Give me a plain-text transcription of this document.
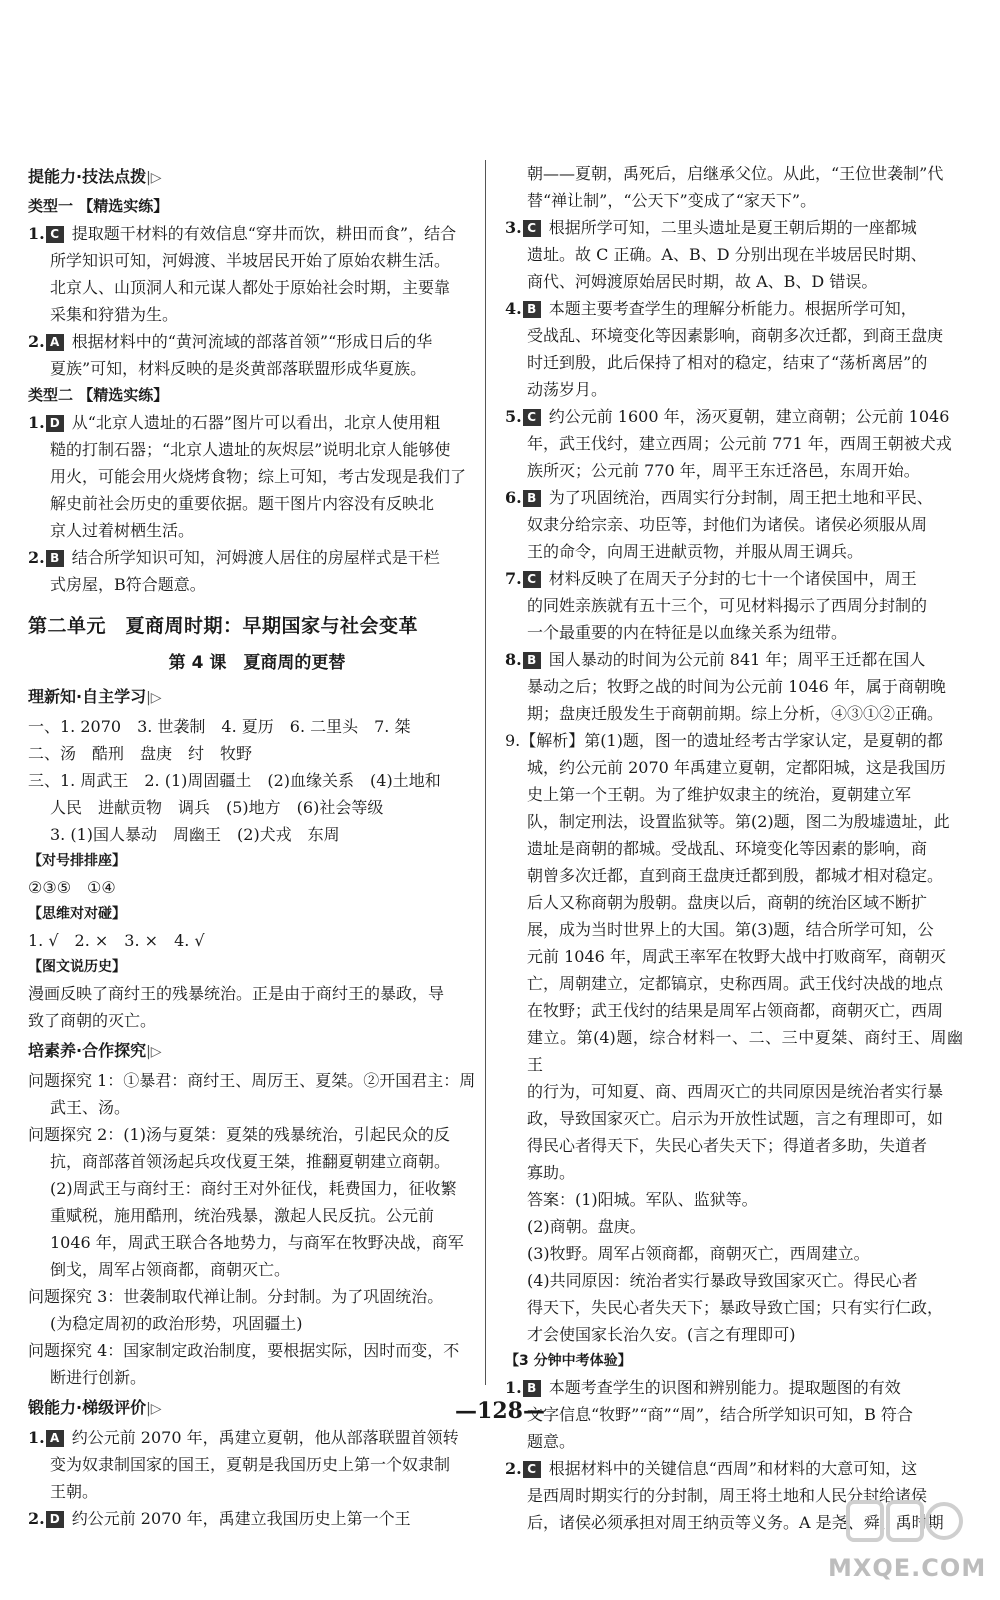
提能力·技法点拨|▷

类型一 【精选实练】

1. C 提取题干材料的有效信息“穿井而饮，耕田而食”，结合

所学知识可知，河姆渡、半坡居民开始了原始农耕生活。

北京人、山顶洞人和元谋人都处于原始社会时期，主要靠

采集和狩猎为生。

2. A 根据材料中的“黄河流域的部落首领”“形成日后的华

夏族”可知，材料反映的是炎黄部落联盟形成华夏族。

类型二 【精选实练】

1. D 从“北京人遗址的石器”图片可以看出，北京人使用粗

糙的打制石器；“北京人遗址的灰烬层”说明北京人能够使

用火，可能会用火烧烤食物；综上可知，考古发现是我们了

解史前社会历史的重要依据。题干图片内容没有反映北

京人过着树栖生活。

2. B 结合所学知识可知，河姆渡人居住的房屋样式是干栏

式房屋，B符合题意。

第二单元　夏商周时期：早期国家与社会变革

第 4 课　夏商周的更替

理新知·自主学习|▷

一、1. 2070　3. 世袭制　4. 夏历　6. 二里头　7. 桀

二、汤　酷刑　盘庚　纣　牧野

三、1. 周武王　2. (1)周固疆土　(2)血缘关系　(4)土地和

人民　进献贡物　调兵　(5)地方　(6)社会等级

3. (1)国人暴动　周幽王　(2)犬戎　东周

【对号排排座】

②③⑤　①④

【思维对对碰】

1. √　2. ×　3. ×　4. √

【图文说历史】

漫画反映了商纣王的残暴统治。正是由于商纣王的暴政，导

致了商朝的灭亡。

培素养·合作探究|▷

问题探究 1：①暴君：商纣王、周厉王、夏桀。②开国君主：周

武王、汤。

问题探究 2：(1)汤与夏桀：夏桀的残暴统治，引起民众的反

抗，商部落首领汤起兵攻伐夏王桀，推翻夏朝建立商朝。

(2)周武王与商纣王：商纣王对外征伐，耗费国力，征收繁

重赋税，施用酷刑，统治残暴，激起人民反抗。公元前

1046 年，周武王联合各地势力，与商军在牧野决战，商军

倒戈，周军占领商都，商朝灭亡。

问题探究 3：世袭制取代禅让制。分封制。为了巩固统治。

(为稳定周初的政治形势，巩固疆土)

问题探究 4：国家制定政治制度，要根据实际，因时而变，不

断进行创新。

锻能力·梯级评价|▷

1. A 约公元前 2070 年，禹建立夏朝，他从部落联盟首领转

变为奴隶制国家的国王，夏朝是我国历史上第一个奴隶制

王朝。

2. D 约公元前 2070 年，禹建立我国历史上第一个王

朝——夏朝，禹死后，启继承父位。从此，“王位世袭制”代

替“禅让制”，“公天下”变成了“家天下”。

3. C 根据所学可知，二里头遗址是夏王朝后期的一座都城

遗址。故 C 正确。A、B、D 分别出现在半坡居民时期、

商代、河姆渡原始居民时期，故 A、B、D 错误。

4. B 本题主要考查学生的理解分析能力。根据所学可知，

受战乱、环境变化等因素影响，商朝多次迁都，到商王盘庚

时迁到殷，此后保持了相对的稳定，结束了“荡析离居”的

动荡岁月。

5. C 约公元前 1600 年，汤灭夏朝，建立商朝；公元前 1046

年，武王伐纣，建立西周；公元前 771 年，西周王朝被犬戎

族所灭；公元前 770 年，周平王东迁洛邑，东周开始。

6. B 为了巩固统治，西周实行分封制，周王把土地和平民、

奴隶分给宗亲、功臣等，封他们为诸侯。诸侯必须服从周

王的命令，向周王进献贡物，并服从周王调兵。

7. C 材料反映了在周天子分封的七十一个诸侯国中，周王

的同姓亲族就有五十三个，可见材料揭示了西周分封制的

一个最重要的内在特征是以血缘关系为纽带。

8. B 国人暴动的时间为公元前 841 年；周平王迁都在国人

暴动之后；牧野之战的时间为公元前 1046 年，属于商朝晚

期；盘庚迁殷发生于商朝前期。综上分析，④③①②正确。

9.【解析】第(1)题，图一的遗址经考古学家认定，是夏朝的都

城，约公元前 2070 年禹建立夏朝，定都阳城，这是我国历

史上第一个王朝。为了维护奴隶主的统治，夏朝建立军

队，制定刑法，设置监狱等。第(2)题，图二为殷墟遗址，此

遗址是商朝的都城。受战乱、环境变化等因素的影响，商

朝曾多次迁都，直到商王盘庚迁都到殷，都城才相对稳定。

后人又称商朝为殷朝。盘庚以后，商朝的统治区域不断扩

展，成为当时世界上的大国。第(3)题，结合所学可知，公

元前 1046 年，周武王率军在牧野大战中打败商军，商朝灭

亡，周朝建立，定都镐京，史称西周。武王伐纣决战的地点

在牧野；武王伐纣的结果是周军占领商都，商朝灭亡，西周

建立。第(4)题，综合材料一、二、三中夏桀、商纣王、周幽王

的行为，可知夏、商、西周灭亡的共同原因是统治者实行暴

政，导致国家灭亡。启示为开放性试题，言之有理即可，如

得民心者得天下，失民心者失天下；得道者多助，失道者

寡助。

答案：(1)阳城。军队、监狱等。

(2)商朝。盘庚。

(3)牧野。周军占领商都，商朝灭亡，西周建立。

(4)共同原因：统治者实行暴政导致国家灭亡。得民心者

得天下，失民心者失天下；暴政导致亡国；只有实行仁政，

才会使国家长治久安。(言之有理即可)

【3 分钟中考体验】

1. B 本题考查学生的识图和辨别能力。提取题图的有效

文字信息“牧野”“商”“周”，结合所学知识可知，B 符合

题意。

2. C 根据材料中的关键信息“西周”和材料的大意可知，这

是西周时期实行的分封制，周王将土地和人民分封给诸侯

后，诸侯必须承担对周王纳贡等义务。A 是尧、舜、禹时期

—128—
MXQE.COM
